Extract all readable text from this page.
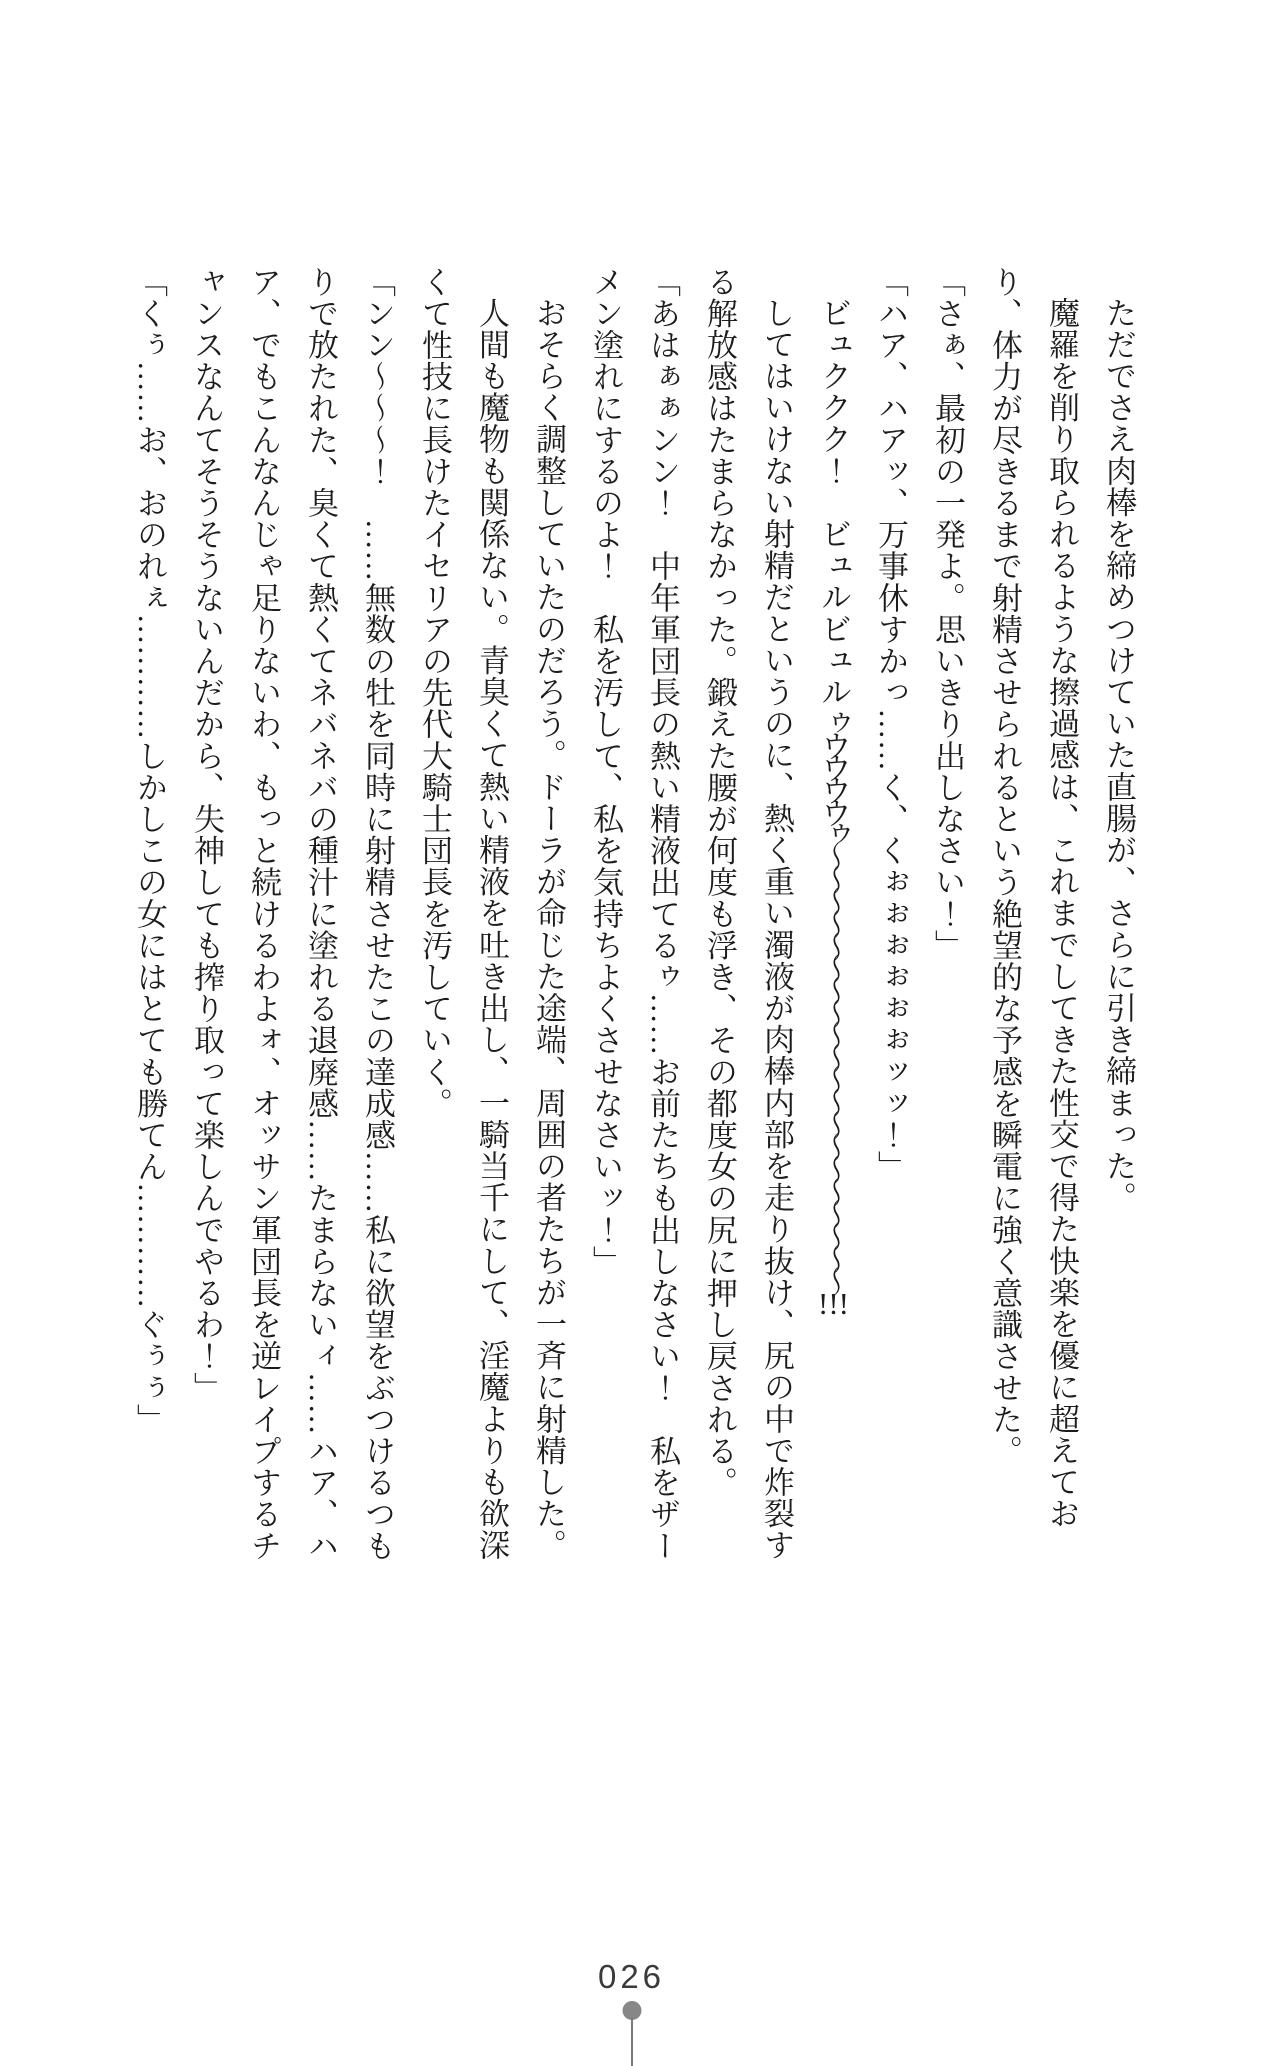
ただでさえ肉棒を締めつけていた直腸が、さらに引き締まった。

魔羅を削り取られるような擦過感は、これまでしてきた性交で得た快楽を優に超えており、体力が尽きるまで射精させられるという絶望的な予感を瞬電に強く意識させた。

「さぁ、最初の一発よ。思いきり出しなさい！」

「ハア、ハアッ、万事休すかっ……く、くぉぉぉぉぉぉッッ！」

ビュククク！　ビュルビュルゥウウウウゥ～～～～～～～～～～～～～～～～～～～～!!!

してはいけない射精だというのに、熱く重い濁液が肉棒内部を走り抜け、尻の中で炸裂する解放感はたまらなかった。鍛えた腰が何度も浮き、その都度女の尻に押し戻される。

「あはぁぁンン！　中年軍団長の熱い精液出てるゥ……お前たちも出しなさい！　私をザーメン塗れにするのよ！　私を汚して、私を気持ちよくさせなさいッ！」

おそらく調整していたのだろう。ドーラが命じた途端、周囲の者たちが一斉に射精した。

人間も魔物も関係ない。青臭くて熱い精液を吐き出し、一騎当千にして、淫魔よりも欲深くて性技に長けたイセリアの先代大騎士団長を汚していく。

「ンン～～～！　……無数の牡を同時に射精させたこの達成感……私に欲望をぶつけるつもりで放たれた、臭くて熱くてネバネバの種汁に塗れる退廃感……たまらないィ……ハア、ハア、でもこんなんじゃ足りないわ、もっと続けるわよォ、オッサン軍団長を逆レイプするチャンスなんてそうそうないんだから、失神しても搾り取って楽しんでやるわ！」

「くぅ……お、おのれぇ…………しかしこの女にはとても勝てん…………ぐぅぅ」

026
